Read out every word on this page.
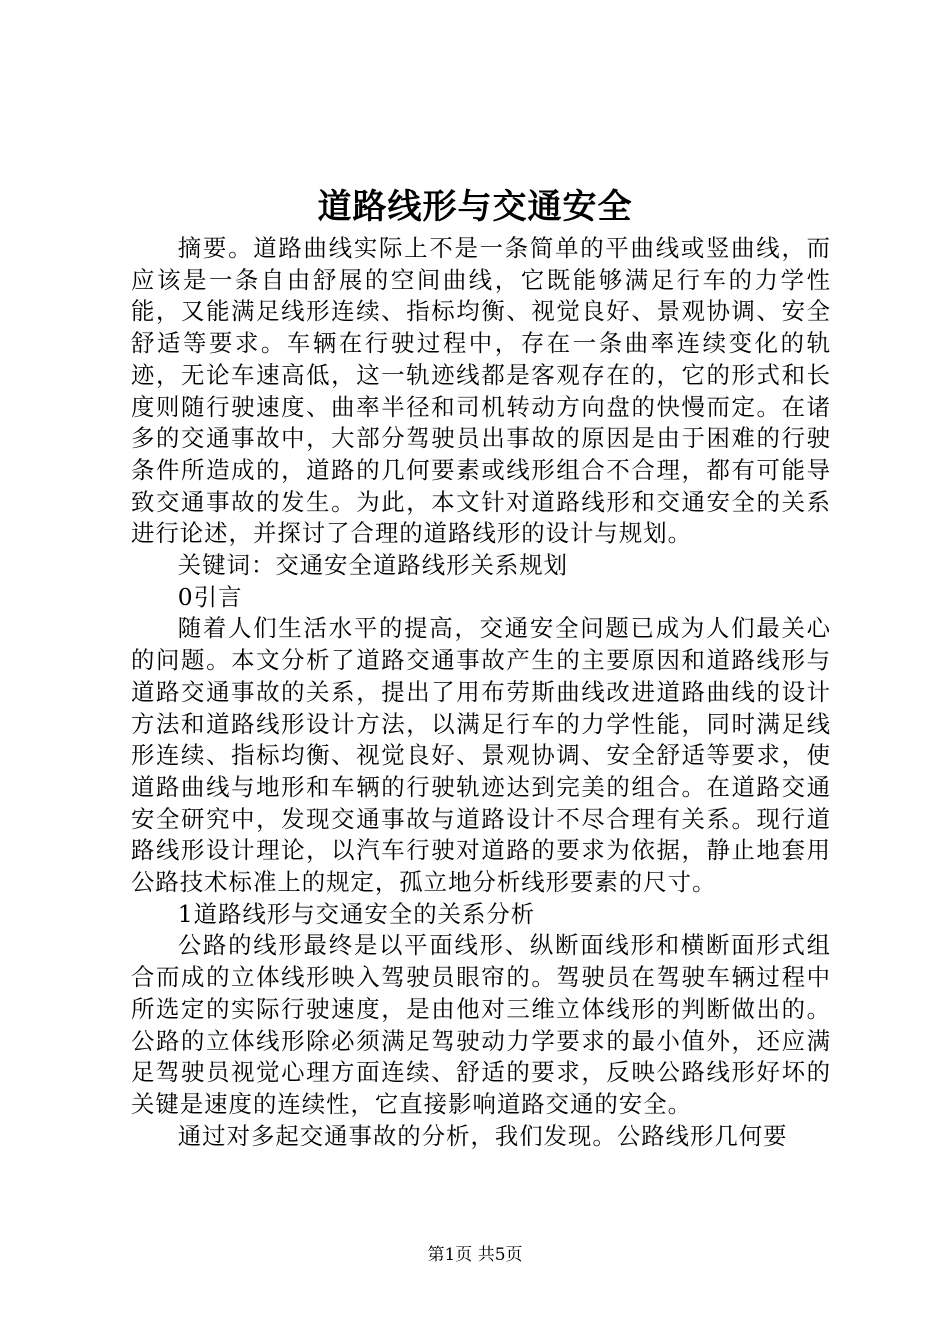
道路线形与交通安全

摘要。道路曲线实际上不是一条简单的平曲线或竖曲线，而应该是一条自由舒展的空间曲线，它既能够满足行车的力学性能，又能满足线形连续、指标均衡、视觉良好、景观协调、安全舒适等要求。车辆在行驶过程中，存在一条曲率连续变化的轨迹，无论车速高低，这一轨迹线都是客观存在的，它的形式和长度则随行驶速度、曲率半径和司机转动方向盘的快慢而定。在诸多的交通事故中，大部分驾驶员出事故的原因是由于困难的行驶条件所造成的，道路的几何要素或线形组合不合理，都有可能导致交通事故的发生。为此，本文针对道路线形和交通安全的关系进行论述，并探讨了合理的道路线形的设计与规划。

关键词：交通安全道路线形关系规划

0引言

随着人们生活水平的提高，交通安全问题已成为人们最关心的问题。本文分析了道路交通事故产生的主要原因和道路线形与道路交通事故的关系，提出了用布劳斯曲线改进道路曲线的设计方法和道路线形设计方法，以满足行车的力学性能，同时满足线形连续、指标均衡、视觉良好、景观协调、安全舒适等要求，使道路曲线与地形和车辆的行驶轨迹达到完美的组合。在道路交通安全研究中，发现交通事故与道路设计不尽合理有关系。现行道路线形设计理论，以汽车行驶对道路的要求为依据，静止地套用公路技术标准上的规定，孤立地分析线形要素的尺寸。

1道路线形与交通安全的关系分析

公路的线形最终是以平面线形、纵断面线形和横断面形式组合而成的立体线形映入驾驶员眼帘的。驾驶员在驾驶车辆过程中所选定的实际行驶速度，是由他对三维立体线形的判断做出的。公路的立体线形除必须满足驾驶动力学要求的最小值外，还应满足驾驶员视觉心理方面连续、舒适的要求，反映公路线形好坏的关键是速度的连续性，它直接影响道路交通的安全。

通过对多起交通事故的分析，我们发现。公路线形几何要

第1页 共5页
